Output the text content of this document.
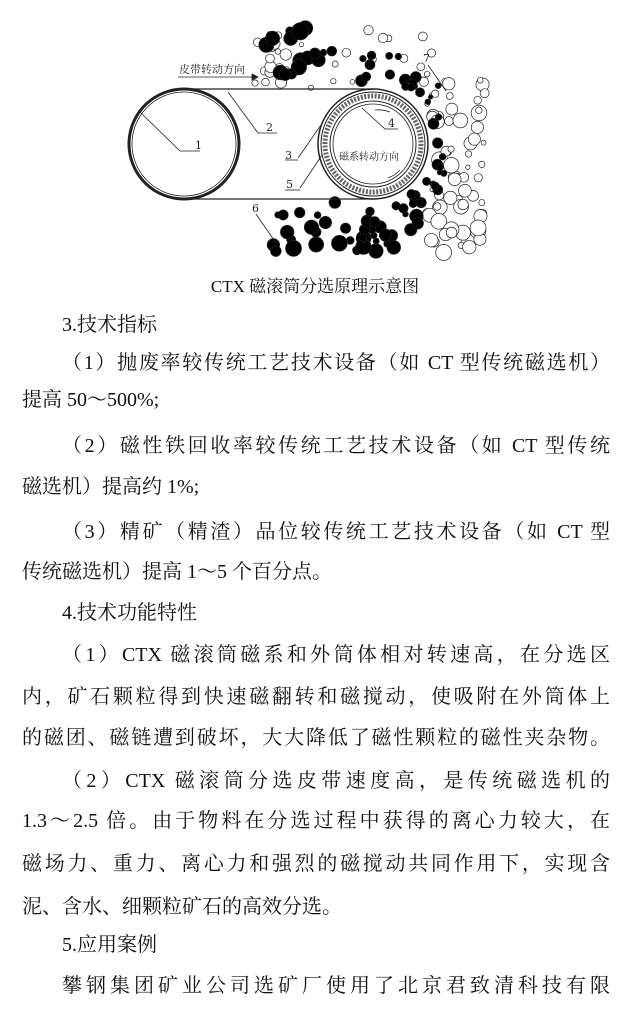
皮带转动方向
磁系转动方向
1
2
3
4
5
6
7
CTX 磁滚筒分选原理示意图
3.技术指标
（1）抛废率较传统工艺技术设备（如 CT 型传统磁选机）
提高 50～500%;
（2）磁性铁回收率较传统工艺技术设备（如 CT 型传统
磁选机）提高约 1%;
（3）精矿（精渣）品位较传统工艺技术设备（如 CT 型
传统磁选机）提高 1～5 个百分点。
4.技术功能特性
（1）CTX 磁滚筒磁系和外筒体相对转速高，在分选区
内，矿石颗粒得到快速磁翻转和磁搅动，使吸附在外筒体上
的磁团、磁链遭到破坏，大大降低了磁性颗粒的磁性夹杂物。
（2）CTX 磁滚筒分选皮带速度高，是传统磁选机的
1.3～2.5 倍。由于物料在分选过程中获得的离心力较大，在
磁场力、重力、离心力和强烈的磁搅动共同作用下，实现含
泥、含水、细颗粒矿石的高效分选。
5.应用案例
攀钢集团矿业公司选矿厂使用了北京君致清科技有限
